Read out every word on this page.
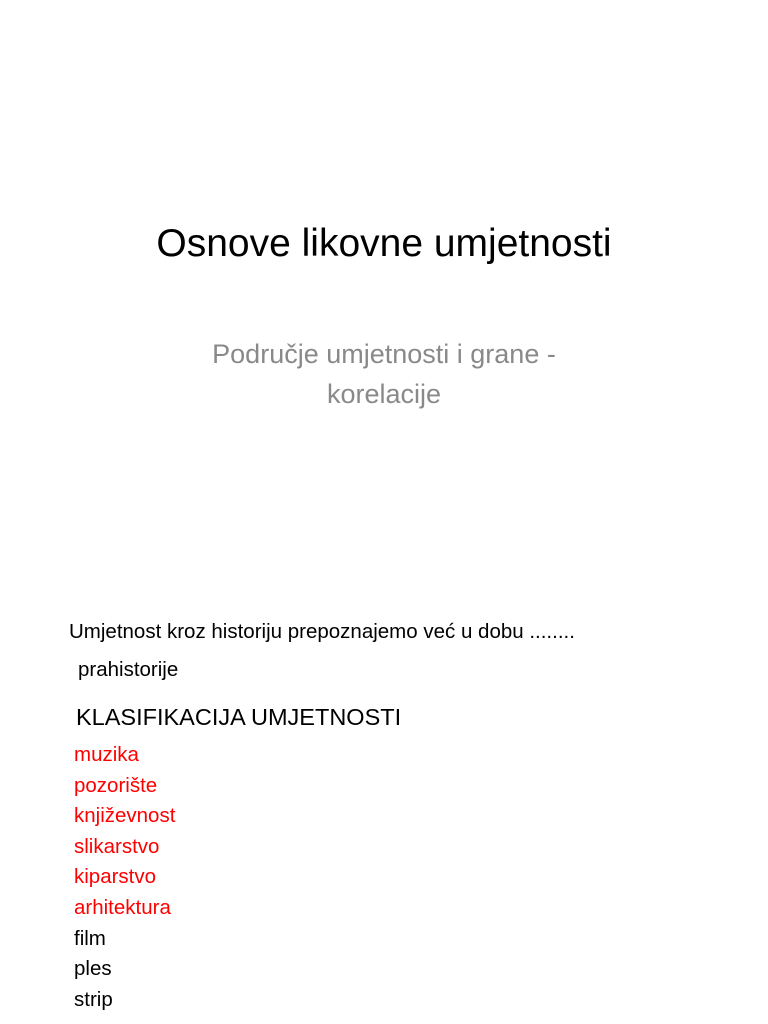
Osnove likovne umjetnosti
Područje umjetnosti i grane -
korelacije
Umjetnost kroz historiju prepoznajemo već u dobu ........
prahistorije
KLASIFIKACIJA UMJETNOSTI
muzika
pozorište
književnost
slikarstvo
kiparstvo
arhitektura
film
ples
strip
